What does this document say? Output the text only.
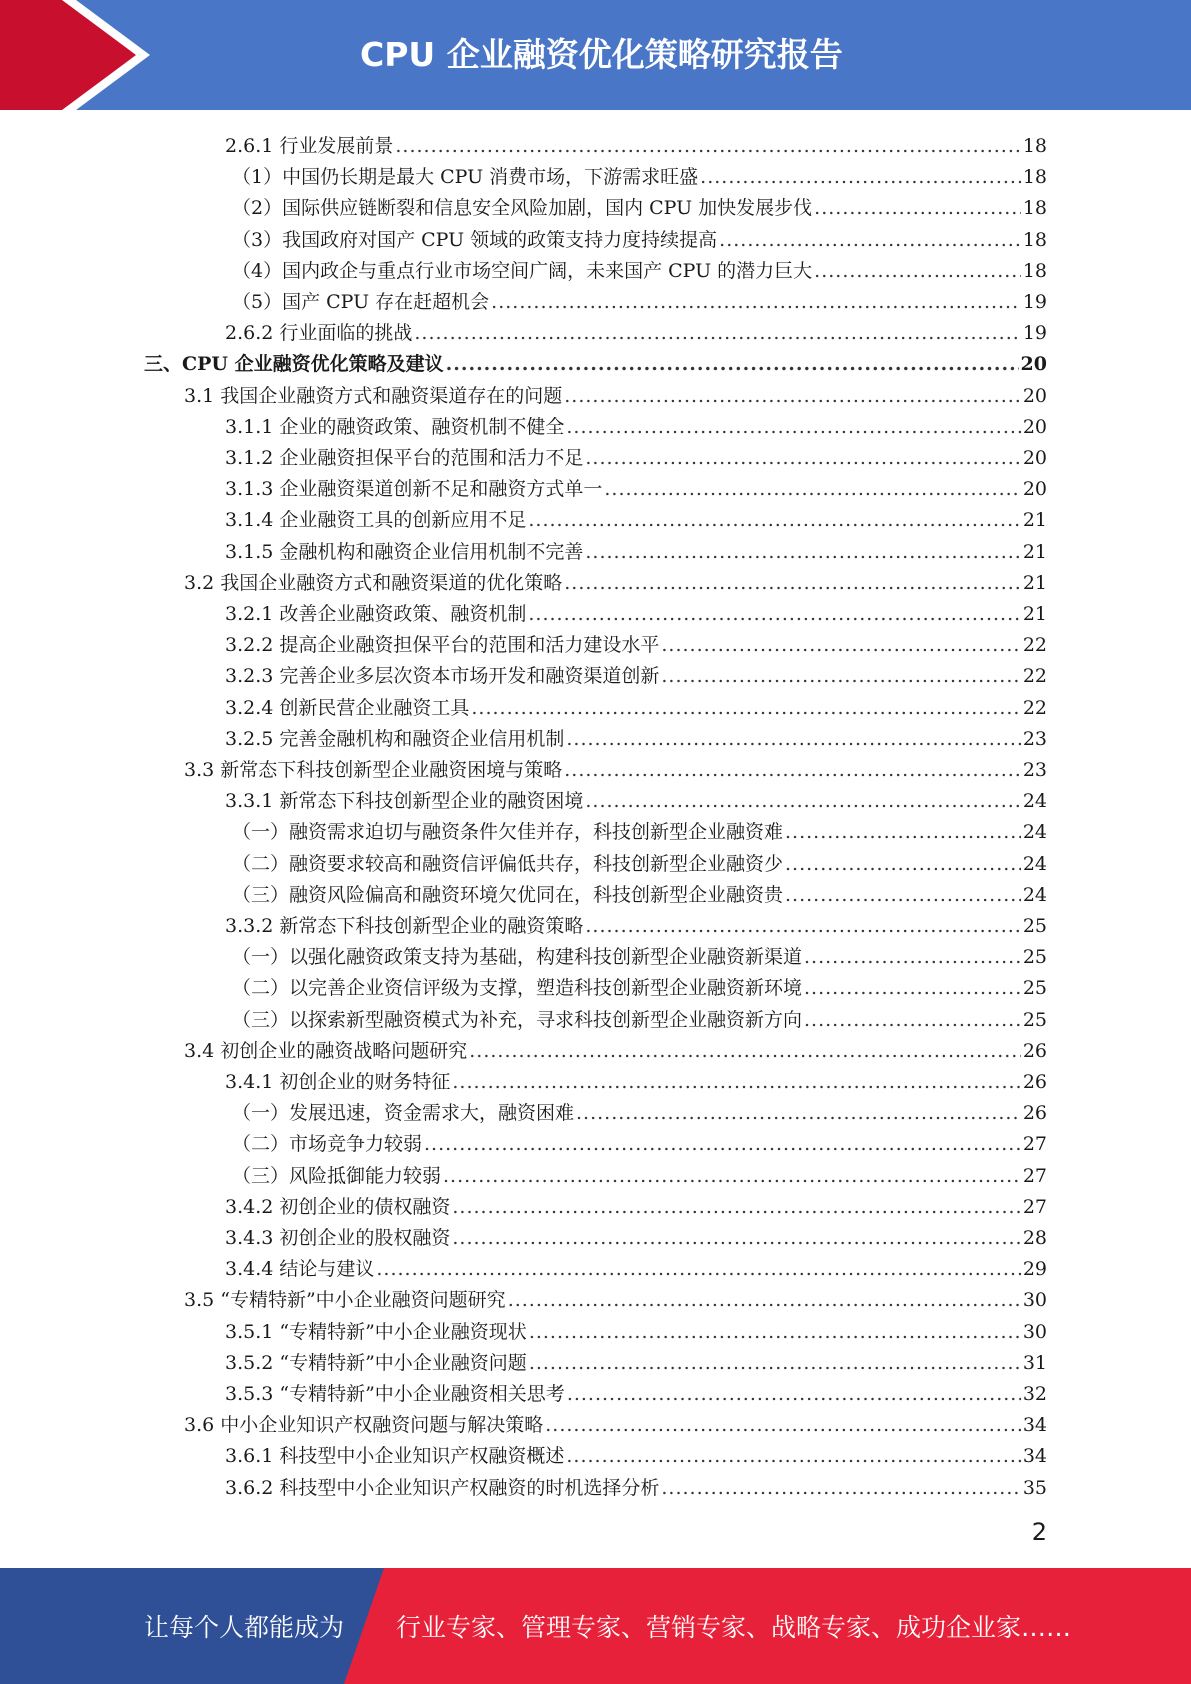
CPU 企业融资优化策略研究报告
2.6.1 行业发展前景 .....	18
（1）中国仍长期是最大 CPU 消费市场，下游需求旺盛 .....	18
（2）国际供应链断裂和信息安全风险加剧，国内 CPU 加快发展步伐 .....	18
（3）我国政府对国产 CPU 领域的政策支持力度持续提高 .....	18
（4）国内政企与重点行业市场空间广阔，未来国产 CPU 的潜力巨大 .....	18
（5）国产 CPU 存在赶超机会 .....	19
2.6.2 行业面临的挑战 .....	19
三、CPU 企业融资优化策略及建议 .....	20
3.1 我国企业融资方式和融资渠道存在的问题 .....	20
3.1.1 企业的融资政策、融资机制不健全 .....	20
3.1.2 企业融资担保平台的范围和活力不足 .....	20
3.1.3 企业融资渠道创新不足和融资方式单一 .....	20
3.1.4 企业融资工具的创新应用不足 .....	21
3.1.5 金融机构和融资企业信用机制不完善 .....	21
3.2 我国企业融资方式和融资渠道的优化策略 .....	21
3.2.1 改善企业融资政策、融资机制 .....	21
3.2.2 提高企业融资担保平台的范围和活力建设水平 .....	22
3.2.3 完善企业多层次资本市场开发和融资渠道创新 .....	22
3.2.4 创新民营企业融资工具 .....	22
3.2.5 完善金融机构和融资企业信用机制 .....	23
3.3 新常态下科技创新型企业融资困境与策略 .....	23
3.3.1 新常态下科技创新型企业的融资困境 .....	24
（一）融资需求迫切与融资条件欠佳并存，科技创新型企业融资难 .....	24
（二）融资要求较高和融资信评偏低共存，科技创新型企业融资少 .....	24
（三）融资风险偏高和融资环境欠优同在，科技创新型企业融资贵 .....	24
3.3.2 新常态下科技创新型企业的融资策略 .....	25
（一）以强化融资政策支持为基础，构建科技创新型企业融资新渠道 .....	25
（二）以完善企业资信评级为支撑，塑造科技创新型企业融资新环境 .....	25
（三）以探索新型融资模式为补充，寻求科技创新型企业融资新方向 .....	25
3.4 初创企业的融资战略问题研究 .....	26
3.4.1 初创企业的财务特征 .....	26
（一）发展迅速，资金需求大，融资困难 .....	26
（二）市场竞争力较弱 .....	27
（三）风险抵御能力较弱 .....	27
3.4.2 初创企业的债权融资 .....	27
3.4.3 初创企业的股权融资 .....	28
3.4.4 结论与建议 .....	29
3.5 “专精特新”中小企业融资问题研究 .....	30
3.5.1 “专精特新”中小企业融资现状 .....	30
3.5.2 “专精特新”中小企业融资问题 .....	31
3.5.3 “专精特新”中小企业融资相关思考 .....	32
3.6 中小企业知识产权融资问题与解决策略 .....	34
3.6.1 科技型中小企业知识产权融资概述 .....	34
3.6.2 科技型中小企业知识产权融资的时机选择分析 .....	35
2
让每个人都能成为 行业专家、管理专家、营销专家、战略专家、成功企业家……
